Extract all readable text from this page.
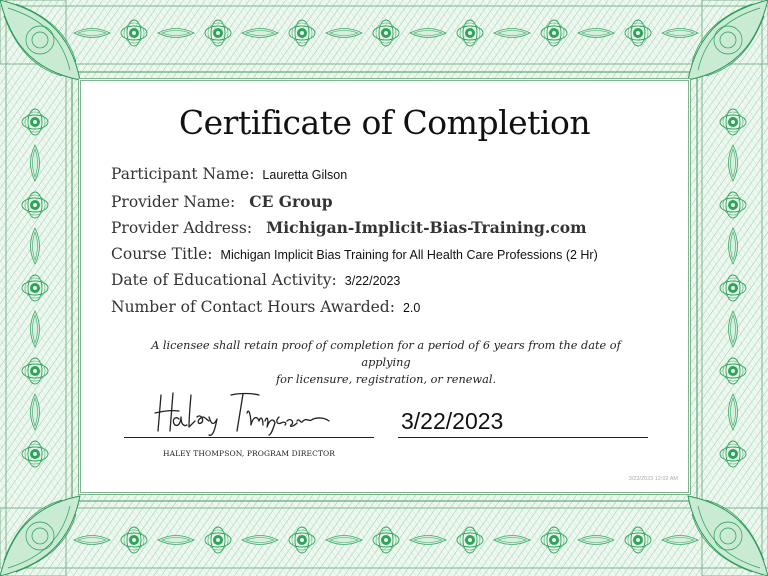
Certificate of Completion
Participant Name : Lauretta Gilson
Provider Name : CE Group
Provider Address : Michigan-Implicit-Bias-Training.com
Course Title : Michigan Implicit Bias Training for All Health Care Professions (2 Hr)
Date of Educational Activity : 3/22/2023
Number of Contact Hours Awarded : 2.0
A licensee shall retain proof of completion for a period of 6 years from the date of applying
for licensure, registration, or renewal.
3/22/2023
HALEY THOMPSON, PROGRAM DIRECTOR
3/23/2023 12:02 AM
